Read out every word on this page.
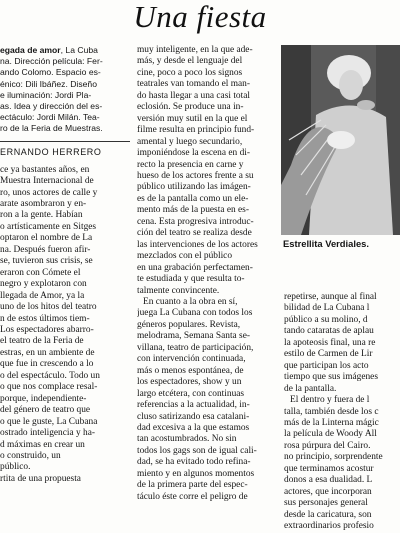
Una fiesta
egada de amor, La Cuba
na. Dirección película: Fer-
ando Colomo. Espacio es-
énico: Dili Ibáñez. Diseño
e iluminación: Jordi Pla-
as. Idea y dirección del es-
ectáculo: Jordi Milán. Tea-
ro de la Feria de Muestras.
ERNANDO HERRERO
ce ya bastantes años, en
Muestra Internacional de
ro, unos actores de calle y
arate asombraron y en-
ron a la gente. Habían
o artísticamente en Sitges
optaron el nombre de La
na. Después fueron afir-
se, tuvieron sus crisis, se
eraron con Cómete el
negro y explotaron con
llegada de Amor, ya la
uno de los hitos del teatro
n de estos últimos tiem-
Los espectadores abarro-
el teatro de la Feria de
estras, en un ambiente de
que fue in crescendo a lo
o del espectáculo. Todo un
o que nos complace resal-
porque, independiente-
del género de teatro que
o que le guste, La Cubana
ostrado inteligencia y ha-
d máximas en crear un
o construido, un
público.
rtita de una propuesta
muy inteligente, en la que ade-
más, y desde el lenguaje del
cine, poco a poco los signos
teatrales van tomando el man-
do hasta llegar a una casi total
eclosión. Se produce una in-
versión muy sutil en la que el
filme resulta en principio fund-
amental y luego secundario,
imponiéndose la escena en di-
recto la presencia en carne y
hueso de los actores frente a su
público utilizando las imágen-
es de la pantalla como un ele-
mento más de la puesta en es-
cena. Esta progresiva introduc-
ción del teatro se realiza desde
las intervenciones de los actores
mezclados con el público
en una grabación perfectamen-
te estudiada y que resulta to-
talmente convincente.
En cuanto a la obra en sí,
juega La Cubana con todos los
géneros populares. Revista,
melodrama, Semana Santa se-
villana, teatro de participación,
con intervención continuada,
más o menos espontánea, de
los espectadores, show y un
largo etcétera, con continuas
referencias a la actualidad, in-
cluso satirizando esa catalani-
dad excesiva a la que estamos
tan acostumbrados. No sin
todos los gags son de igual cali-
dad, se ha evitado todo refina-
miento y en algunos momentos
de la primera parte del espec-
táculo éste corre el peligro de
Estrellita Verdiales.
repetirse, aunque al final
bilidad de La Cubana l
público a su molino, d
tando cataratas de aplau
la apoteosis final, una re
estilo de Carmen de Lir
que participan los acto
tiempo que sus imágenes
de la pantalla.
El dentro y fuera de l
talla, también desde los c
más de la Linterna mágic
la película de Woody All
rosa púrpura del Cairo.
no principio, sorprendente
que terminamos acostur
donos a esa dualidad. L
actores, que incorporan
sus personajes general
desde la caricatura, son
extraordinarios profesio
